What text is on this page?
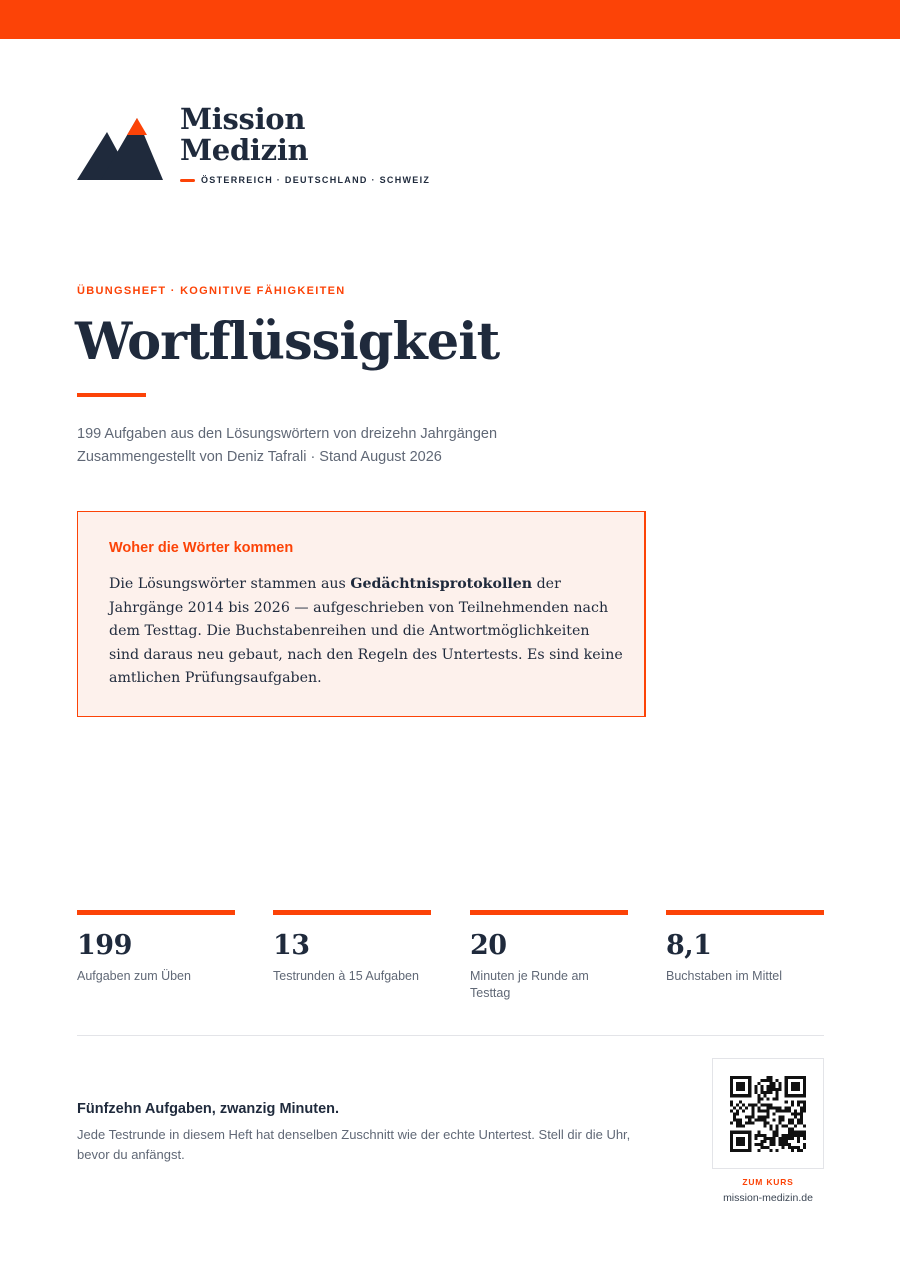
Mission
Medizin
ÖSTERREICH · DEUTSCHLAND · SCHWEIZ
ÜBUNGSHEFT · KOGNITIVE FÄHIGKEITEN
Wortflüssigkeit
199 Aufgaben aus den Lösungswörtern von dreizehn Jahrgängen
Zusammengestellt von Deniz Tafrali · Stand August 2026
Woher die Wörter kommen
Die Lösungswörter stammen aus Gedächtnisprotokollen der
Jahrgänge 2014 bis 2026 — aufgeschrieben von Teilnehmenden nach
dem Testtag. Die Buchstabenreihen und die Antwortmöglichkeiten
sind daraus neu gebaut, nach den Regeln des Untertests. Es sind keine
amtlichen Prüfungsaufgaben.
199
Aufgaben zum Üben
13
Testrunden à 15 Aufgaben
20
Minuten je Runde am
Testtag
8,1
Buchstaben im Mittel
Fünfzehn Aufgaben, zwanzig Minuten.
Jede Testrunde in diesem Heft hat denselben Zuschnitt wie der echte Untertest. Stell dir die Uhr,
bevor du anfängst.
ZUM KURS
mission-medizin.de
